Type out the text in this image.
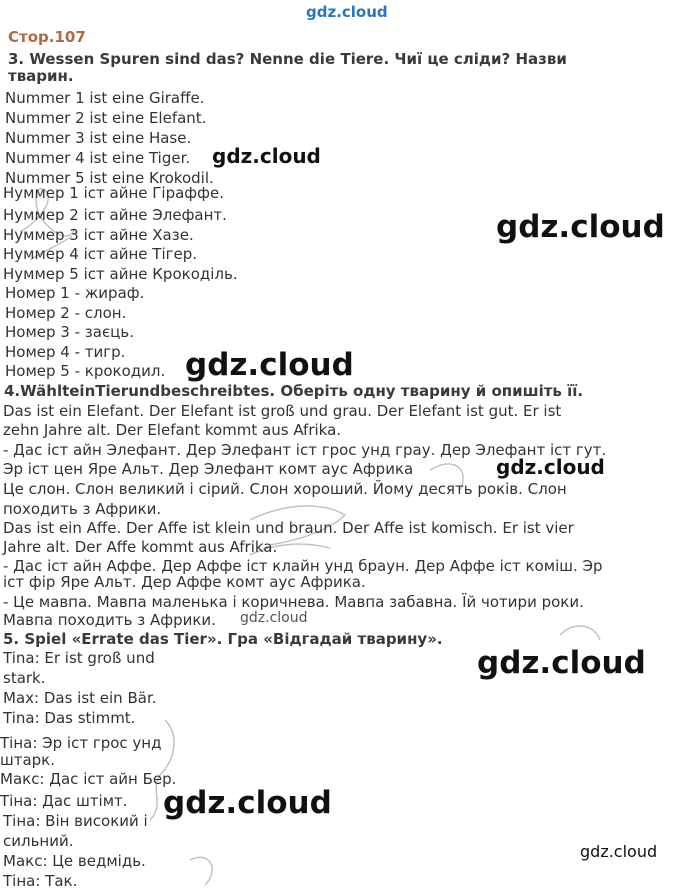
gdz.cloud
Стор.107
3. Wessen Spuren sind das? Nenne die Tiere. Чиї це сліди? Назви
тварин.
Nummer 1 ist eine Giraffe.
Nummer 2 ist eine Elefant.
Nummer 3 ist eine Hase.
Nummer 4 ist eine Tiger.
Nummer 5 ist eine Krokodil.
Нуммер 1 іст айне Гіраффе.
Нуммер 2 іст айне Элефант.
Нуммер 3 іст айне Хазе.
Нуммер 4 іст айне Тігер.
Нуммер 5 іст айне Крокоділь.
Номер 1 - жираф.
Номер 2 - слон.
Номер 3 - заєць.
Номер 4 - тигр.
Номер 5 - крокодил.
4.WähltеinTierundbeschreibtes. Оберіть одну тварину й опишіть її.
Das ist ein Elefant. Der Elefant ist groß und grau. Der Elefant ist gut. Er ist
zehn Jahre alt. Der Elefant kommt aus Afrika.
- Дас іст айн Элефант. Дер Элефант іст грос унд грау. Дер Элефант іст гут.
Эр іст цен Яре Альт. Дер Элефант комт аус Африка
Це слон. Слон великий і сірий. Слон хороший. Йому десять років. Слон
походить з Африки.
Das ist ein Affe. Der Affe ist klein und braun. Der Affe ist komisch. Er ist vier
Jahre alt. Der Affe kommt aus Afrika.
- Дас іст айн Аффе. Дер Аффе іст клайн унд браун. Дер Аффе іст коміш. Эр
іст фір Яре Альт. Дер Аффе комт аус Африка.
- Це мавпа. Мавпа маленька і коричнева. Мавпа забавна. Їй чотири роки.
Мавпа походить з Африки.
5. Spiel «Errate das Tier». Гра «Відгадай тварину».
Tina: Er ist groß und
stark.
Max: Das ist ein Bär.
Tina: Das stimmt.
Тіна: Эр іст грос унд
штарк.
Макс: Дас іст айн Бер.
Тіна: Дас штімт.
Тіна: Він високий і
сильний.
Макс: Це ведмідь.
Тіна: Так.
gdz.cloud
gdz.cloud
gdz.cloud
gdz.cloud
gdz.cloud
gdz.cloud
gdz.cloud
gdz.cloud
